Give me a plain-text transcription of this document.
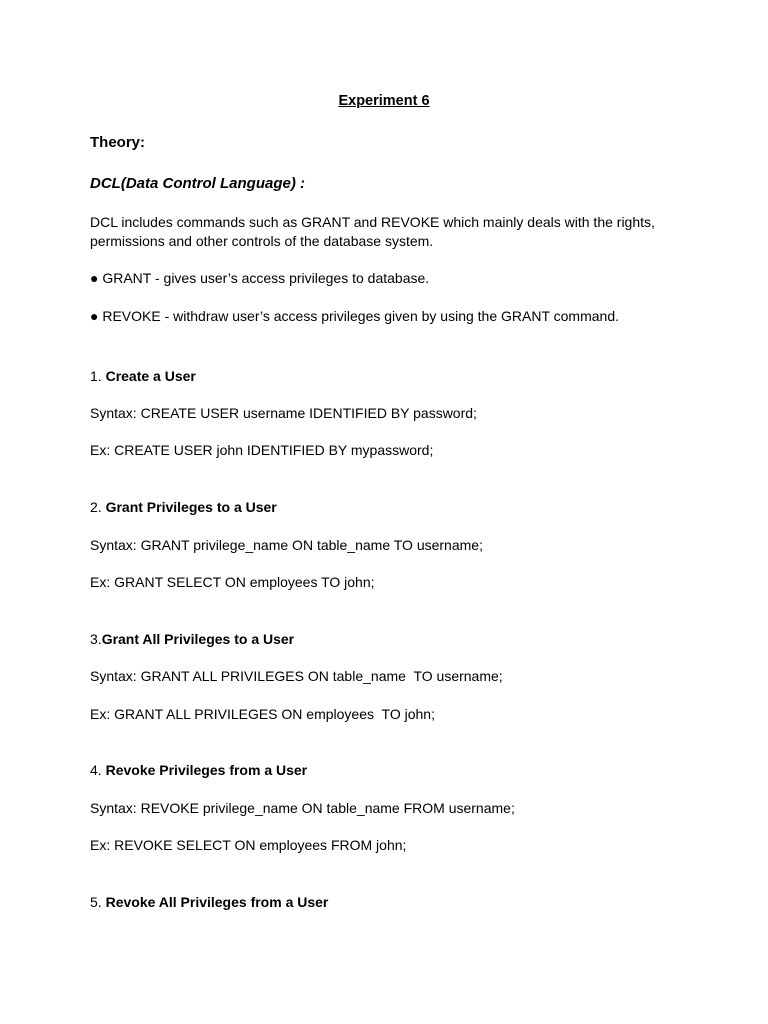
Experiment 6
Theory:
DCL(Data Control Language) :
DCL includes commands such as GRANT and REVOKE which mainly deals with the rights,
permissions and other controls of the database system.
● GRANT - gives user’s access privileges to database.
● REVOKE - withdraw user’s access privileges given by using the GRANT command.
1. Create a User
Syntax: CREATE USER username IDENTIFIED BY password;
Ex: CREATE USER john IDENTIFIED BY mypassword;
2. Grant Privileges to a User
Syntax: GRANT privilege_name ON table_name TO username;
Ex: GRANT SELECT ON employees TO john;
3.Grant All Privileges to a User
Syntax: GRANT ALL PRIVILEGES ON table_name  TO username;
Ex: GRANT ALL PRIVILEGES ON employees  TO john;
4. Revoke Privileges from a User
Syntax: REVOKE privilege_name ON table_name FROM username;
Ex: REVOKE SELECT ON employees FROM john;
5. Revoke All Privileges from a User
